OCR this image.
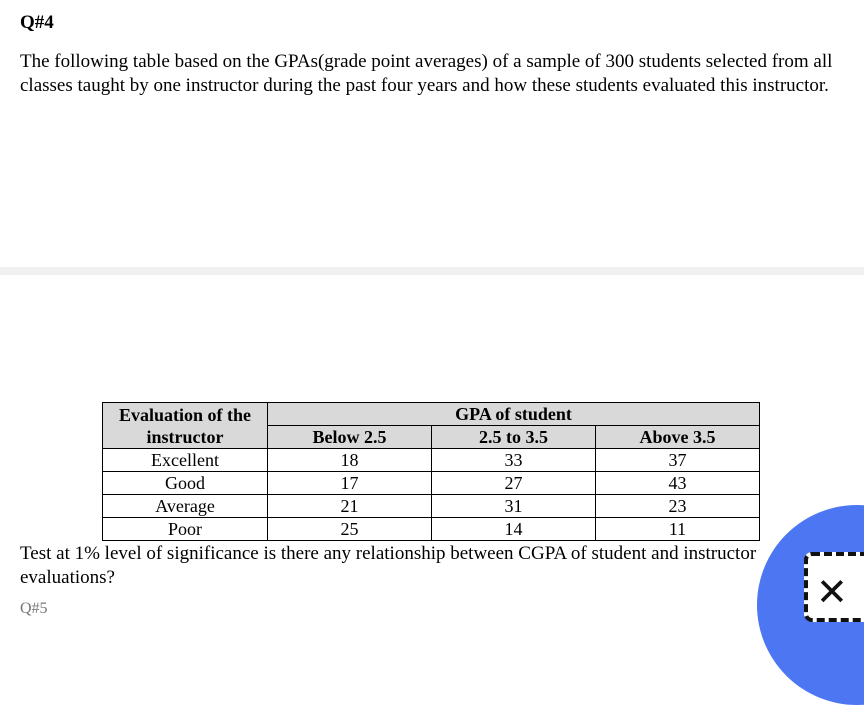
Q#4
The following table based on the GPAs(grade point averages) of a sample of 300 students selected from all classes taught by one instructor during the past four years and how these students evaluated this instructor.
Evaluation of the instructor	GPA of student		
	Below 2.5	2.5 to 3.5	Above 3.5
Excellent	18	33	37
Good	17	27	43
Average	21	31	23
Poor	25	14	11
Test at 1% level of significance is there any relationship between CGPA of student and instructor evaluations?
Q#5	✕
